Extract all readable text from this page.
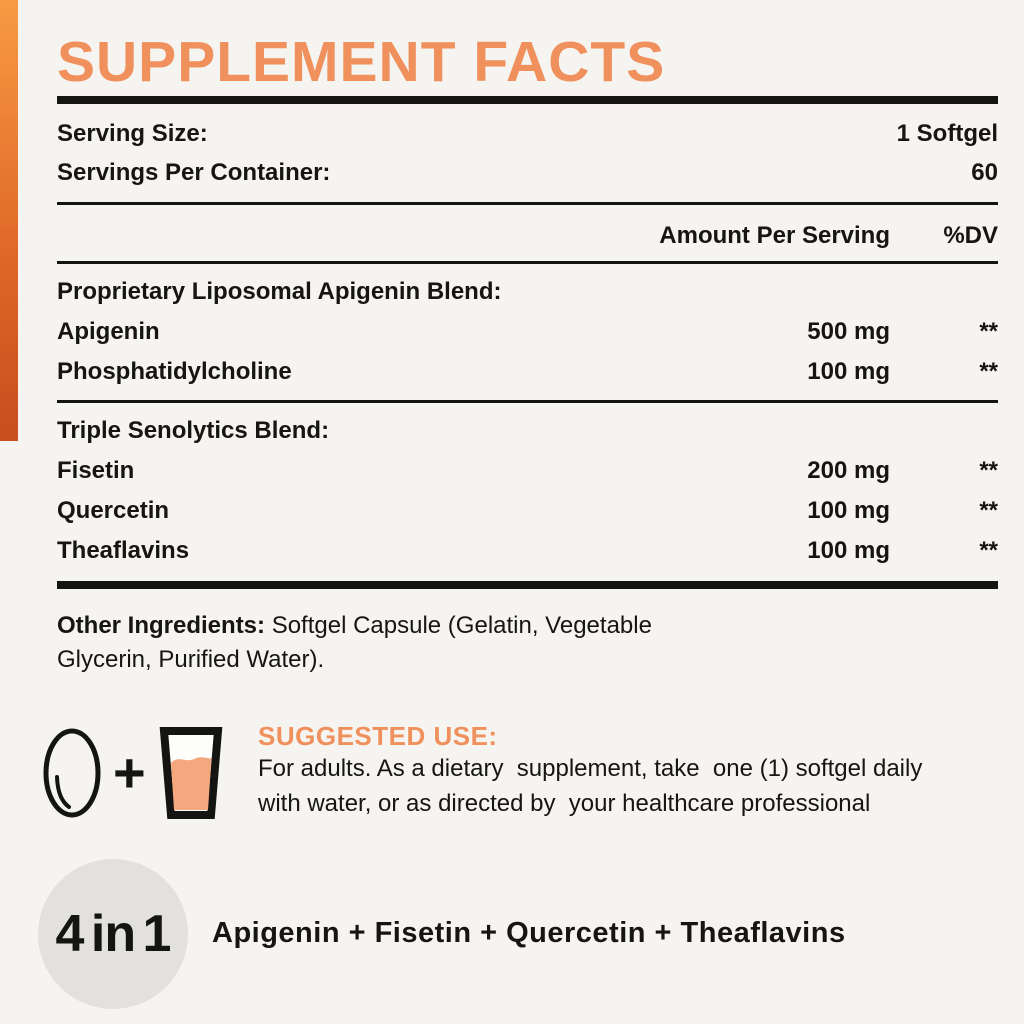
SUPPLEMENT FACTS
Serving Size:	1 Softgel
Servings Per Container:	60
Amount Per Serving	%DV
Proprietary Liposomal Apigenin Blend:
Apigenin	500 mg	**
Phosphatidylcholine	100 mg	**
Triple Senolytics Blend:
Fisetin	200 mg	**
Quercetin	100 mg	**
Theaflavins	100 mg	**
Other Ingredients: Softgel Capsule (Gelatin, Vegetable
Glycerin, Purified Water).
+
SUGGESTED USE:
For adults. As a dietary  supplement, take  one (1) softgel daily
with water, or as directed by  your healthcare professional
4 in 1 Apigenin + Fisetin + Quercetin + Theaflavins
